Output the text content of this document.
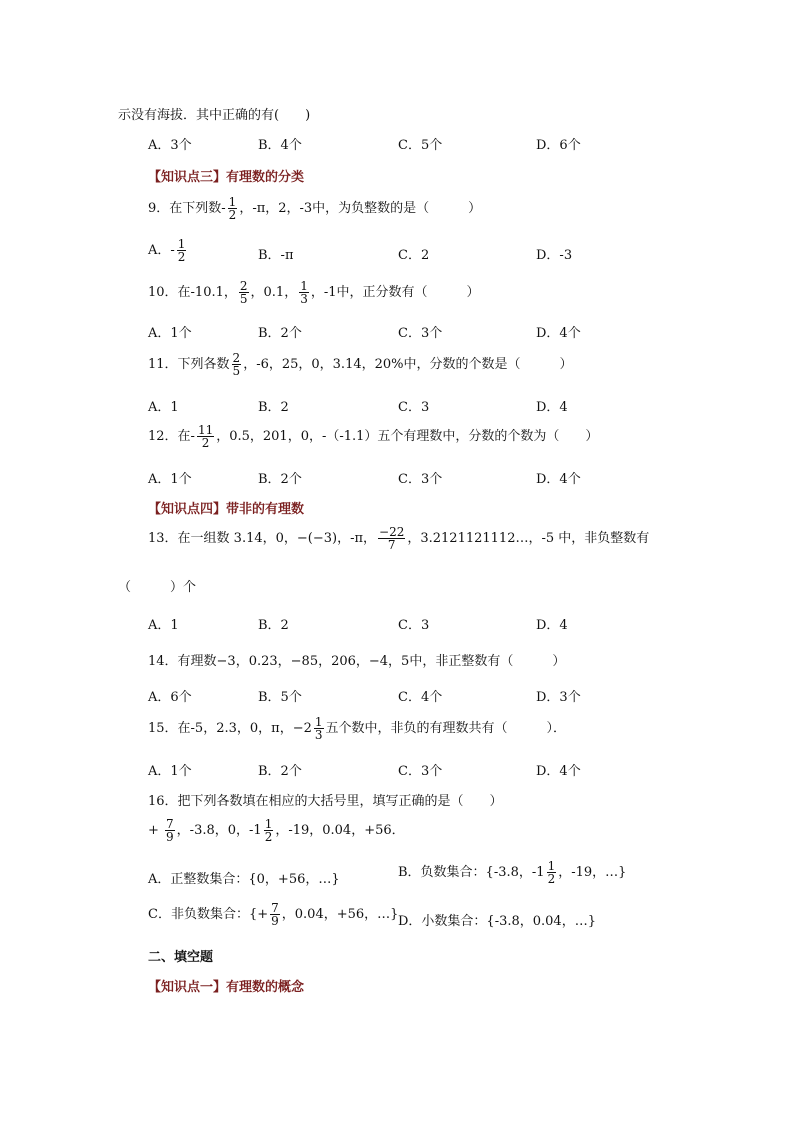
示没有海拔．其中正确的有(　　)
A．3个	B．4个	C．5个	D．6个
【知识点三】有理数的分类
9．在下列数- $\frac{1}{2}$ ，-π，2，-3中，为负整数的是（　　　）
A．- $\frac{1}{2}$	B．-π	C．2	D．-3
10．在-10.1， $\frac{2}{5}$ ，0.1， $\frac{1}{3}$ ，-1中，正分数有（　　　）
A．1个	B．2个	C．3个	D．4个
11．下列各数 $\frac{2}{5}$ ，-6，25，0，3.14，20%中，分数的个数是（　　　）
A．1	B．2	C．3	D．4
12．在- $\frac{11}{2}$ ，0.5，201，0，-（-1.1）五个有理数中，分数的个数为（　　）
A．1个	B．2个	C．3个	D．4个
【知识点四】带非的有理数
13．在一组数 3.14，0，−(−3)，-π， $\frac{-22}{7}$ ，3.2121121112…，-5 中，非负整数有
（　　　）个
A．1	B．2	C．3	D．4
14．有理数−3，0.23，−85，206，−4，5中，非正整数有（　　　）
A．6个	B．5个	C．4个	D．3个
15．在-5，2.3，0，π，$-2 \frac{1}{3}$ 五个数中，非负的有理数共有（　　　）．
A．1个	B．2个	C．3个	D．4个
16．把下列各数填在相应的大括号里，填写正确的是（　　）
+ $\frac{7}{9}$ ，-3.8，0，$-1 \frac{1}{2}$ ，-19，0.04，+56．
A．正整数集合：{0，+56，…}	B．负数集合：{-3.8，$-1 \frac{1}{2}$ ，-19，…}
C．非负数集合：{+ $\frac{7}{9}$ ，0.04，+56，…} D．小数集合：{-3.8，0.04，…}
二、填空题
【知识点一】有理数的概念
